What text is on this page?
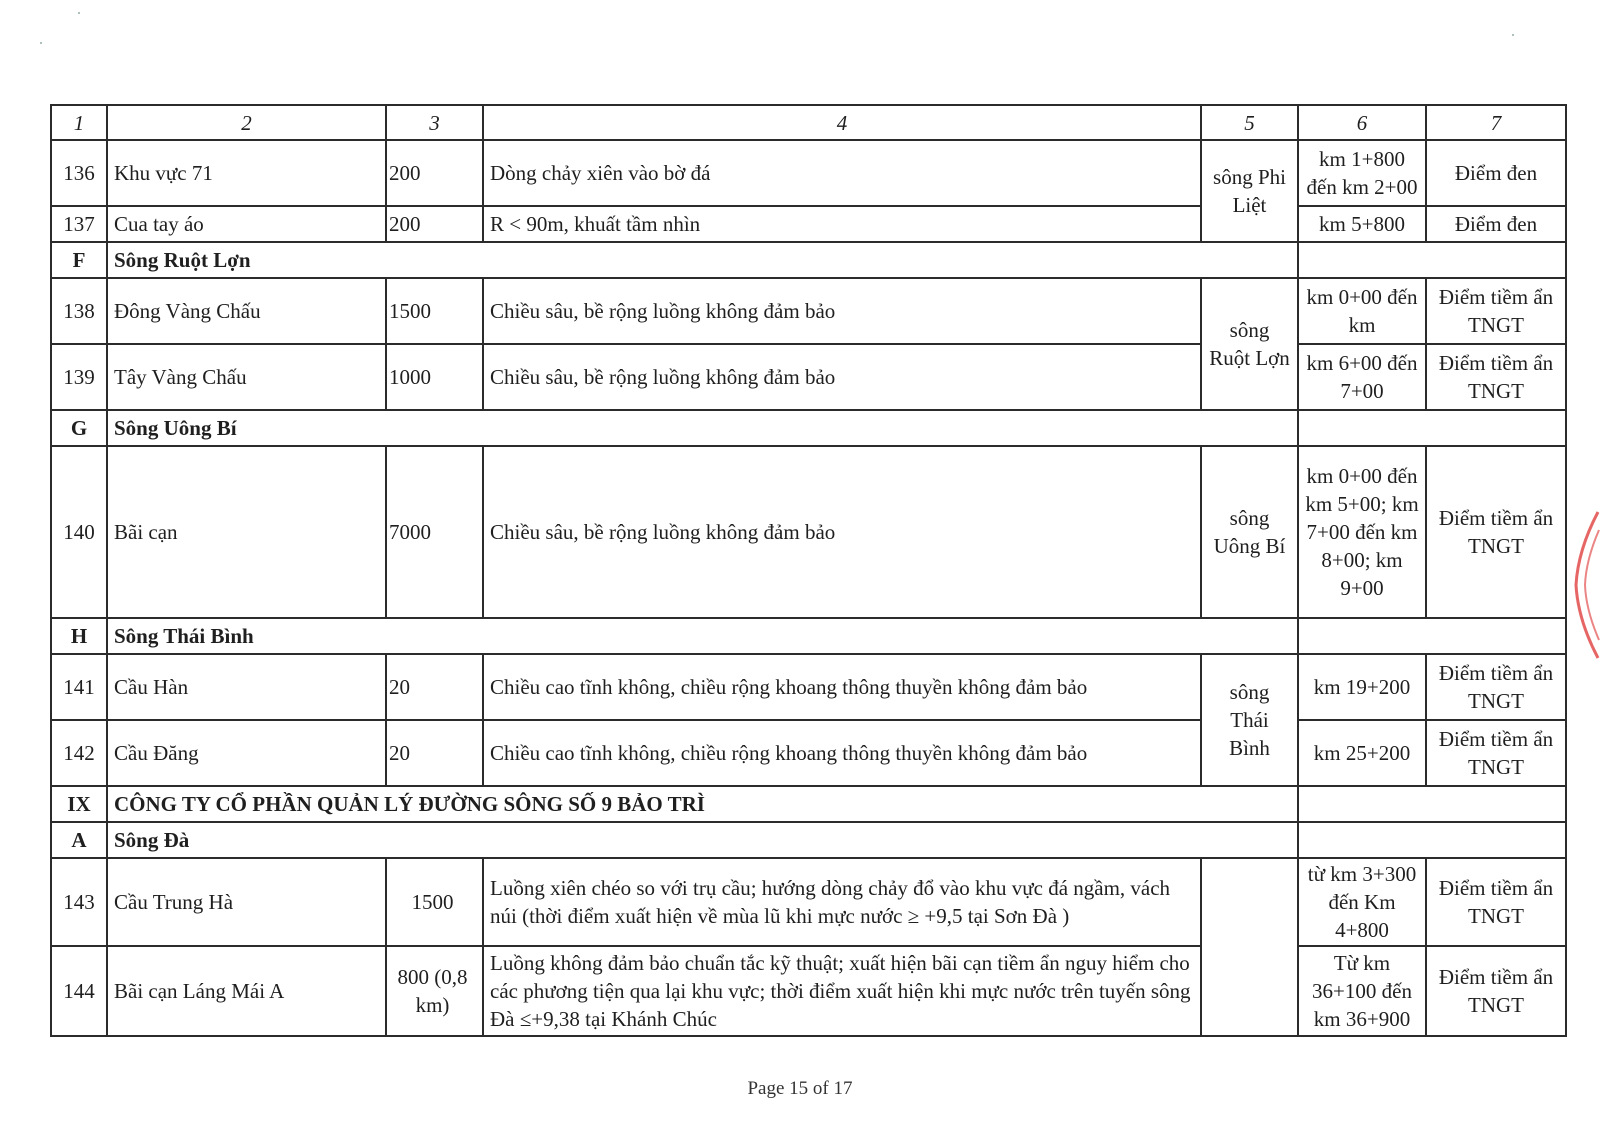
1	2	3	4	5	6	7
136	Khu vực 71	200	Dòng chảy xiên vào bờ đá	sông Phi Liệt	km 1+800 đến km 2+00	Điểm đen
137	Cua tay áo	200	R < 90m, khuất tầm nhìn		km 5+800	Điểm đen
F	Sông Ruột Lợn					
138	Đông Vàng Chấu	1500	Chiều sâu, bề rộng luồng không đảm bảo	sông Ruột Lợn	km 0+00 đến km	Điểm tiềm ẩn TNGT
139	Tây Vàng Chấu	1000	Chiều sâu, bề rộng luồng không đảm bảo		km 6+00 đến 7+00	Điểm tiềm ẩn TNGT
G	Sông Uông Bí					
140	Bãi cạn	7000	Chiều sâu, bề rộng luồng không đảm bảo	sông Uông Bí	km 0+00 đến km 5+00; km 7+00 đến km 8+00; km 9+00	Điểm tiềm ẩn TNGT
H	Sông Thái Bình					
141	Cầu Hàn	20	Chiều cao tĩnh không, chiều rộng khoang thông thuyền không đảm bảo	sông Thái Bình	km 19+200	Điểm tiềm ẩn TNGT
142	Cầu Đăng	20	Chiều cao tĩnh không, chiều rộng khoang thông thuyền không đảm bảo		km 25+200	Điểm tiềm ẩn TNGT
IX	CÔNG TY CỔ PHẦN QUẢN LÝ ĐƯỜNG SÔNG SỐ 9 BẢO TRÌ					
A	Sông Đà					
143	Cầu Trung Hà	1500	Luồng xiên chéo so với trụ cầu; hướng dòng chảy đổ vào khu vực đá ngầm, vách núi (thời điểm xuất hiện về mùa lũ khi mực nước ≥ +9,5 tại Sơn Đà )		từ km 3+300 đến Km 4+800	Điểm tiềm ẩn TNGT
144	Bãi cạn Láng Mái A	800 (0,8 km)	Luồng không đảm bảo chuẩn tắc kỹ thuật; xuất hiện bãi cạn tiềm ẩn nguy hiểm cho các phương tiện qua lại khu vực; thời điểm xuất hiện khi mực nước trên tuyến sông Đà ≤+9,38 tại Khánh Chúc		Từ km 36+100 đến km 36+900	Điểm tiềm ẩn TNGT
Page 15 of 17
